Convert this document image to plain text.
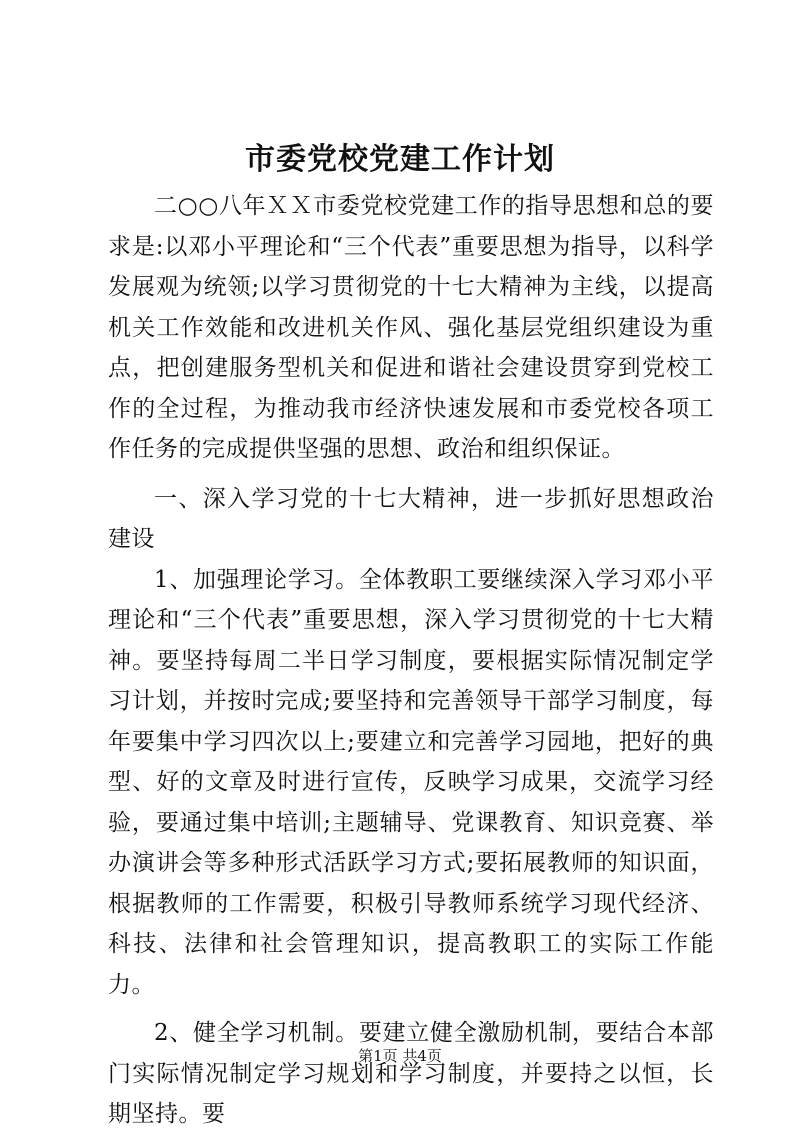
市委党校党建工作计划

二○○八年ＸＸ市委党校党建工作的指导思想和总的要求是:以邓小平理论和“三个代表”重要思想为指导，以科学发展观为统领;以学习贯彻党的十七大精神为主线，以提高机关工作效能和改进机关作风、强化基层党组织建设为重点，把创建服务型机关和促进和谐社会建设贯穿到党校工作的全过程，为推动我市经济快速发展和市委党校各项工作任务的完成提供坚强的思想、政治和组织保证。

一、深入学习党的十七大精神，进一步抓好思想政治建设

1、加强理论学习。全体教职工要继续深入学习邓小平理论和“三个代表”重要思想，深入学习贯彻党的十七大精神。要坚持每周二半日学习制度，要根据实际情况制定学习计划，并按时完成;要坚持和完善领导干部学习制度，每年要集中学习四次以上;要建立和完善学习园地，把好的典型、好的文章及时进行宣传，反映学习成果，交流学习经验，要通过集中培训;主题辅导、党课教育、知识竞赛、举办演讲会等多种形式活跃学习方式;要拓展教师的知识面，根据教师的工作需要，积极引导教师系统学习现代经济、科技、法律和社会管理知识，提高教职工的实际工作能力。

2、健全学习机制。要建立健全激励机制，要结合本部门实际情况制定学习规划和学习制度，并要持之以恒，长期坚持。要

第1页 共4页
